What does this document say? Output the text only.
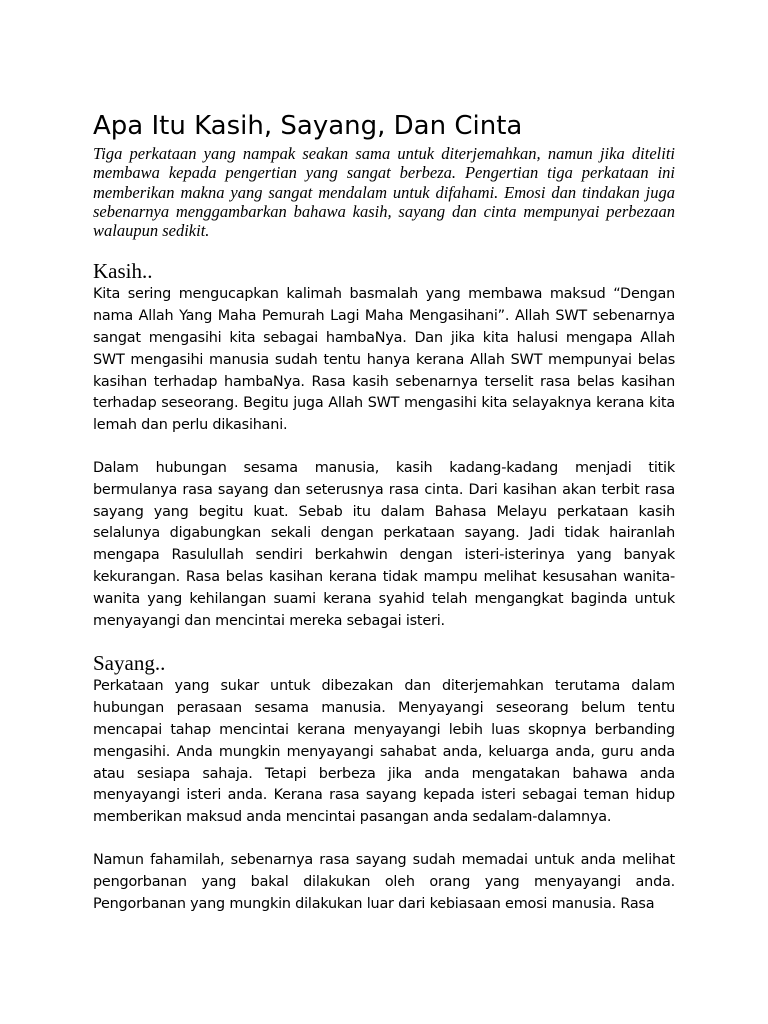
Apa Itu Kasih, Sayang, Dan Cinta

Tiga perkataan yang nampak seakan sama untuk diterjemahkan, namun jika diteliti membawa kepada pengertian yang sangat berbeza. Pengertian tiga perkataan ini memberikan makna yang sangat mendalam untuk difahami. Emosi dan tindakan juga sebenarnya menggambarkan bahawa kasih, sayang dan cinta mempunyai perbezaan walaupun sedikit.

Kasih..

Kita sering mengucapkan kalimah basmalah yang membawa maksud “Dengan nama Allah Yang Maha Pemurah Lagi Maha Mengasihani”. Allah SWT sebenarnya sangat mengasihi kita sebagai hambaNya. Dan jika kita halusi mengapa Allah SWT mengasihi manusia sudah tentu hanya kerana Allah SWT mempunyai belas kasihan terhadap hambaNya. Rasa kasih sebenarnya terselit rasa belas kasihan terhadap seseorang. Begitu juga Allah SWT mengasihi kita selayaknya kerana kita lemah dan perlu dikasihani.

Dalam hubungan sesama manusia, kasih kadang-kadang menjadi titik bermulanya rasa sayang dan seterusnya rasa cinta. Dari kasihan akan terbit rasa sayang yang begitu kuat. Sebab itu dalam Bahasa Melayu perkataan kasih selalunya digabungkan sekali dengan perkataan sayang. Jadi tidak hairanlah mengapa Rasulullah sendiri berkahwin dengan isteri-isterinya yang banyak kekurangan. Rasa belas kasihan kerana tidak mampu melihat kesusahan wanita-wanita yang kehilangan suami kerana syahid telah mengangkat baginda untuk menyayangi dan mencintai mereka sebagai isteri.

Sayang..

Perkataan yang sukar untuk dibezakan dan diterjemahkan terutama dalam hubungan perasaan sesama manusia. Menyayangi seseorang belum tentu mencapai tahap mencintai kerana menyayangi lebih luas skopnya berbanding mengasihi. Anda mungkin menyayangi sahabat anda, keluarga anda, guru anda atau sesiapa sahaja. Tetapi berbeza jika anda mengatakan bahawa anda menyayangi isteri anda. Kerana rasa sayang kepada isteri sebagai teman hidup memberikan maksud anda mencintai pasangan anda sedalam-dalamnya.

Namun fahamilah, sebenarnya rasa sayang sudah memadai untuk anda melihat pengorbanan yang bakal dilakukan oleh orang yang menyayangi anda. Pengorbanan yang mungkin dilakukan luar dari kebiasaan emosi manusia. Rasa
